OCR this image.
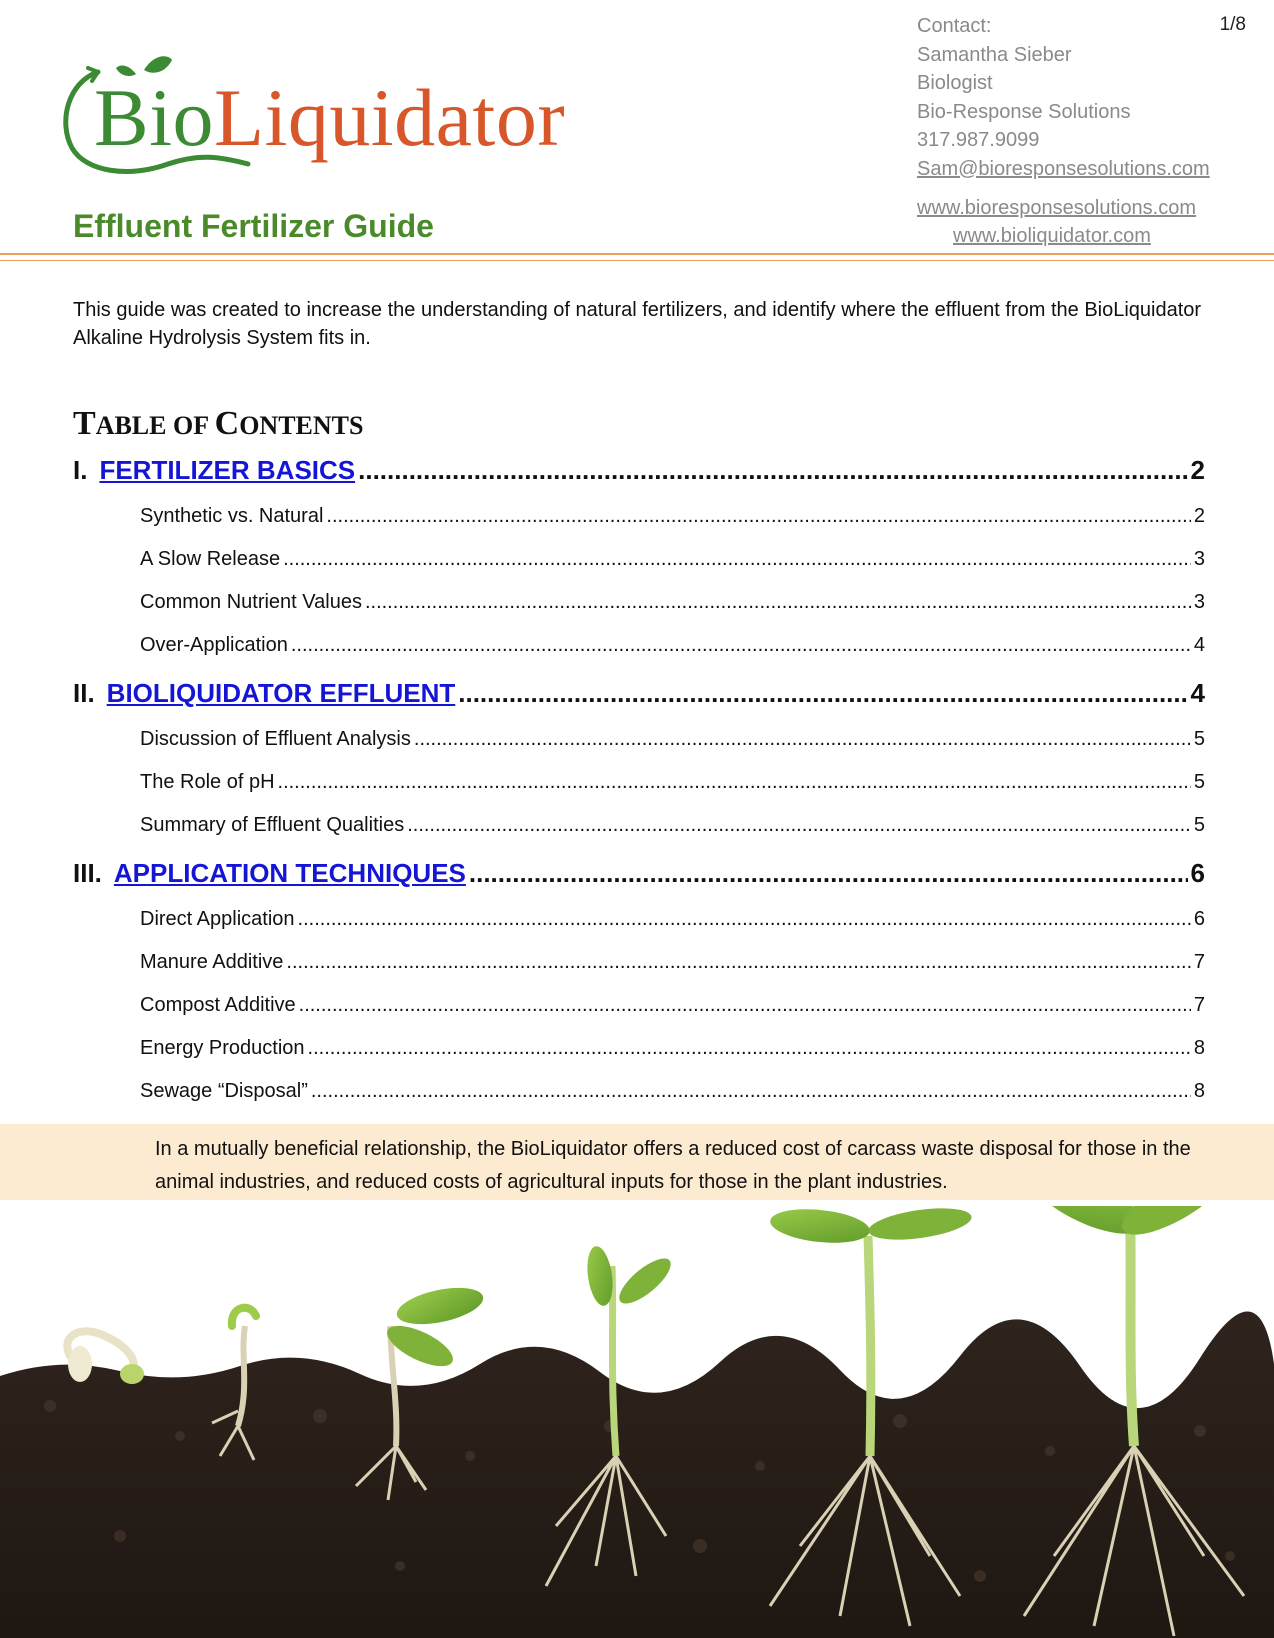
BioLiquidator
1/8
Contact:
Samantha Sieber
Biologist
Bio-Response Solutions
317.987.9099
Sam@bioresponsesolutions.com
www.bioresponsesolutions.com
www.bioliquidator.com
Effluent Fertilizer Guide

This guide was created to increase the understanding of natural fertilizers, and identify where the effluent from the BioLiquidator Alkaline Hydrolysis System fits in.

TABLE OF CONTENTS
I. FERTILIZER BASICS .....	2
Synthetic vs. Natural .....	2
A Slow Release .....	3
Common Nutrient Values .....	3
Over-Application .....	4
II. BIOLIQUIDATOR EFFLUENT .....	4
Discussion of Effluent Analysis .....	5
The Role of pH .....	5
Summary of Effluent Qualities .....	5
III. APPLICATION TECHNIQUES .....	6
Direct Application .....	6
Manure Additive .....	7
Compost Additive .....	7
Energy Production .....	8
Sewage “Disposal” .....	8

In a mutually beneficial relationship, the BioLiquidator offers a reduced cost of carcass waste disposal for those in the animal industries, and reduced costs of agricultural inputs for those in the plant industries.
